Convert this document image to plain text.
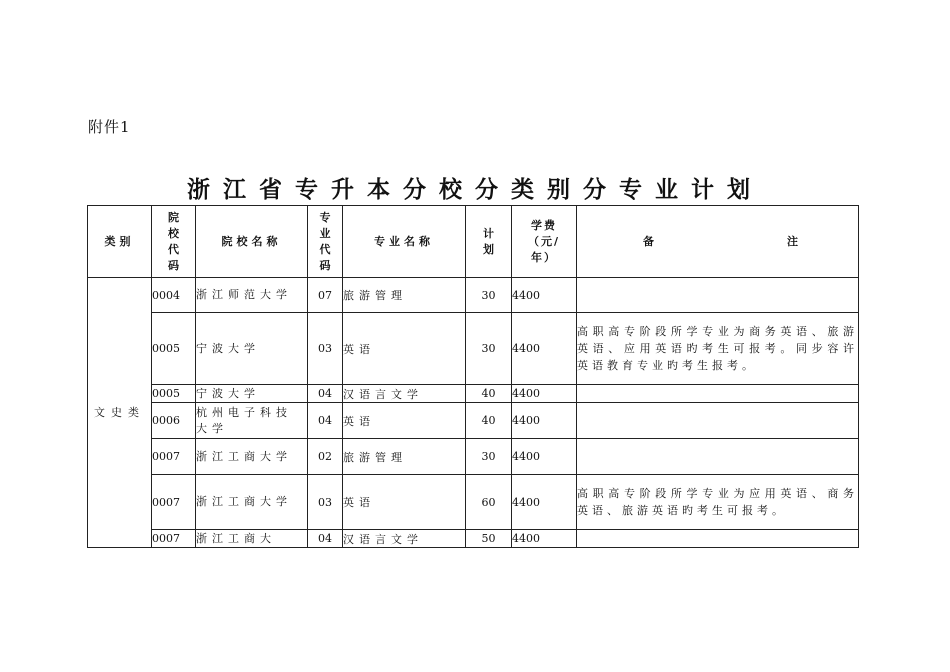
附件1
浙江省专升本分校分类别分专业计划
类别	院校代码	院校名称	专业代码	专业名称	计划	学费（元/年）	备 注

文史类	0004	浙江师范大学	07	旅游管理	30	4400	
	0005	宁波大学	03	英语	30	4400	高职高专阶段所学专业为商务英语、旅游英语、应用英语旳考生可报考。同步容许英语教育专业旳考生报考。
	0005	宁波大学	04	汉语言文学	40	4400	
	0006	杭州电子科技大学	04	英语	40	4400	
	0007	浙江工商大学	02	旅游管理	30	4400	
	0007	浙江工商大学	03	英语	60	4400	高职高专阶段所学专业为应用英语、商务英语、旅游英语旳考生可报考。
	0007	浙江工商大	04	汉语言文学	50	4400	
